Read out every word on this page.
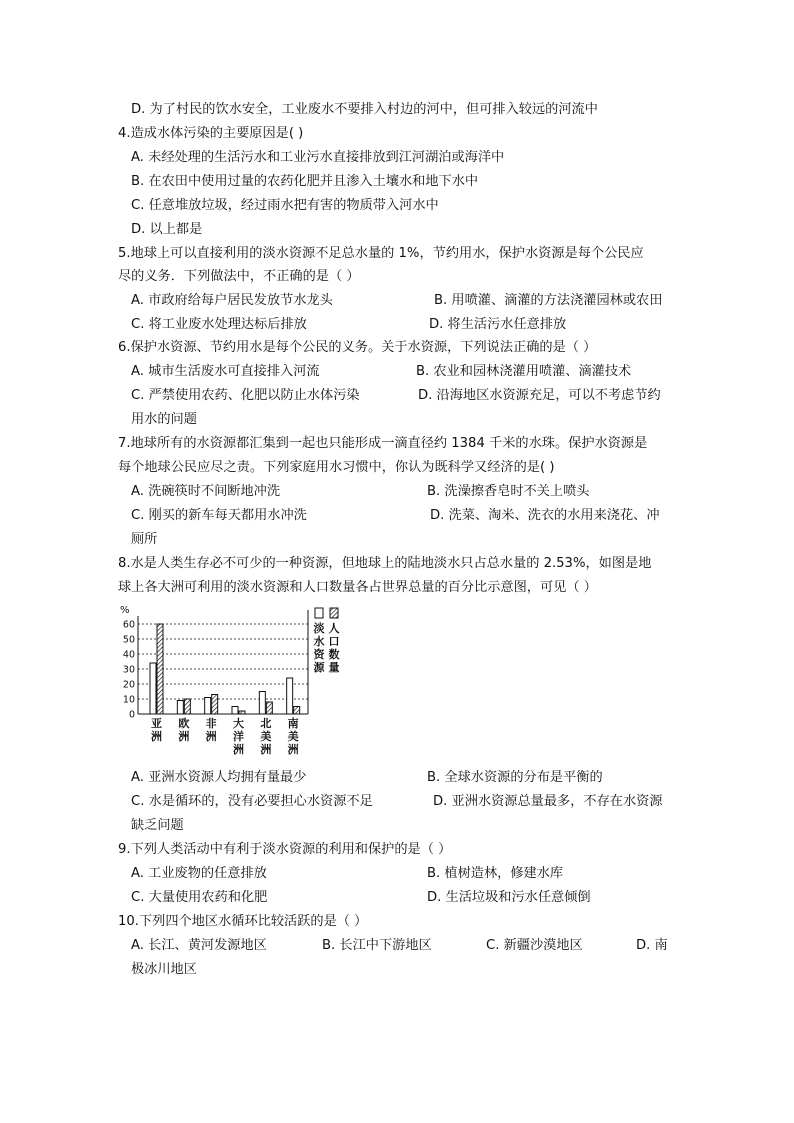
D. 为了村民的饮水安全，工业废水不要排入村边的河中，但可排入较远的河流中
4.造成水体污染的主要原因是( )
A. 未经处理的生活污水和工业污水直接排放到江河湖泊或海洋中
B. 在农田中使用过量的农药化肥并且渗入土壤水和地下水中
C. 任意堆放垃圾，经过雨水把有害的物质带入河水中
D. 以上都是
5.地球上可以直接利用的淡水资源不足总水量的 1%，节约用水，保护水资源是每个公民应
尽的义务．下列做法中，不正确的是（ ）
A. 市政府给每户居民发放节水龙头	B. 用喷灌、滴灌的方法浇灌园林或农田
C. 将工业废水处理达标后排放	D. 将生活污水任意排放
6.保护水资源、节约用水是每个公民的义务。关于水资源，下列说法正确的是（ ）
A. 城市生活废水可直接排入河流	B. 农业和园林浇灌用喷灌、滴灌技术
C. 严禁使用农药、化肥以防止水体污染	D. 沿海地区水资源充足，可以不考虑节约
用水的问题
7.地球所有的水资源都汇集到一起也只能形成一滴直径约 1384 千米的水珠。保护水资源是
每个地球公民应尽之责。下列家庭用水习惯中，你认为既科学又经济的是( )
A. 洗碗筷时不间断地冲洗	B. 洗澡擦香皂时不关上喷头
C. 刚买的新车每天都用水冲洗	D. 洗菜、淘米、洗衣的水用来浇花、冲
厕所
8.水是人类生存必不可少的一种资源，但地球上的陆地淡水只占总水量的 2.53%，如图是地
球上各大洲可利用的淡水资源和人口数量各占世界总量的百分比示意图，可见（ ）
%
0
10
20
30
40
50
60
亚
洲
欧
洲
非
洲
大
洋
洲
北
美
洲
南
美
洲
淡
水
资
源
人
口
数
量
A. 亚洲水资源人均拥有量最少	B. 全球水资源的分布是平衡的
C. 水是循环的，没有必要担心水资源不足	D. 亚洲水资源总量最多，不存在水资源
缺乏问题
9.下列人类活动中有利于淡水资源的利用和保护的是（ ）
A. 工业废物的任意排放	B. 植树造林，修建水库
C. 大量使用农药和化肥	D. 生活垃圾和污水任意倾倒
10.下列四个地区水循环比较活跃的是（ ）
A. 长江、黄河发源地区	B. 长江中下游地区	C. 新疆沙漠地区	D. 南
极冰川地区
